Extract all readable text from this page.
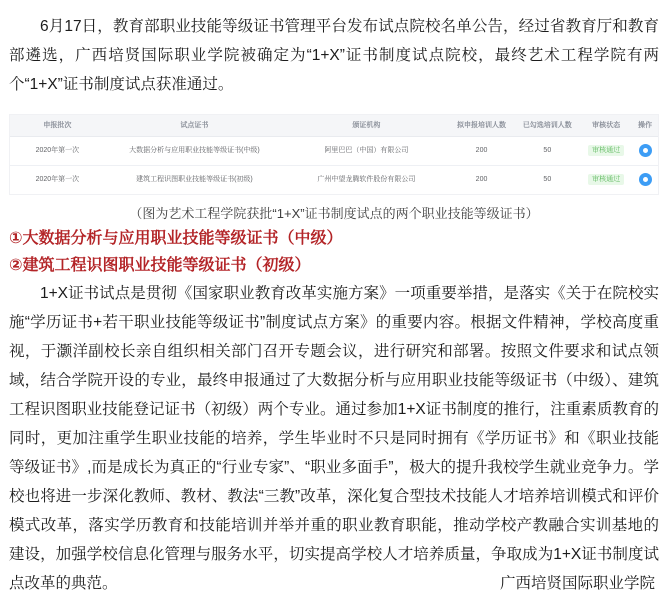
6月17日，教育部职业技能等级证书管理平台发布试点院校名单公告，经过省教育厅和教育部遴选，广西培贤国际职业学院被确定为“1+X”证书制度试点院校，最终艺术工程学院有两个“1+X”证书制度试点获准通过。

申报批次	试点证书	颁证机构	拟申报培训人数	已勾选培训人数	审核状态	操作
2020年第一次	大数据分析与应用职业技能等级证书(中级)	阿里巴巴（中国）有限公司	200	50	审核通过
2020年第一次	建筑工程识图职业技能等级证书(初级)	广州中望龙腾软件股份有限公司	200	50	审核通过
（图为艺术工程学院获批“1+X”证书制度试点的两个职业技能等级证书）

①大数据分析与应用职业技能等级证书（中级）

②建筑工程识图职业技能等级证书（初级）

1+X证书试点是贯彻《国家职业教育改革实施方案》一项重要举措，是落实《关于在院校实施“学历证书+若干职业技能等级证书”制度试点方案》的重要内容。根据文件精神，学校高度重视，于灏洋副校长亲自组织相关部门召开专题会议，进行研究和部署。按照文件要求和试点领域，结合学院开设的专业，最终申报通过了大数据分析与应用职业技能等级证书（中级）、建筑工程识图职业技能登记证书（初级）两个专业。通过参加1+X证书制度的推行，注重素质教育的同时，更加注重学生职业技能的培养，学生毕业时不只是同时拥有《学历证书》和《职业技能等级证书》,而是成长为真正的“行业专家”、“职业多面手”，极大的提升我校学生就业竞争力。学校也将进一步深化教师、教材、教法“三教”改革，深化复合型技术技能人才培养培训模式和评价模式改革，落实学历教育和技能培训并举并重的职业教育职能，推动学校产教融合实训基地的建设，加强学校信息化管理与服务水平，切实提高学校人才培养质量，争取成为1+X证书制度试点改革的典范。	广西培贤国际职业学院
